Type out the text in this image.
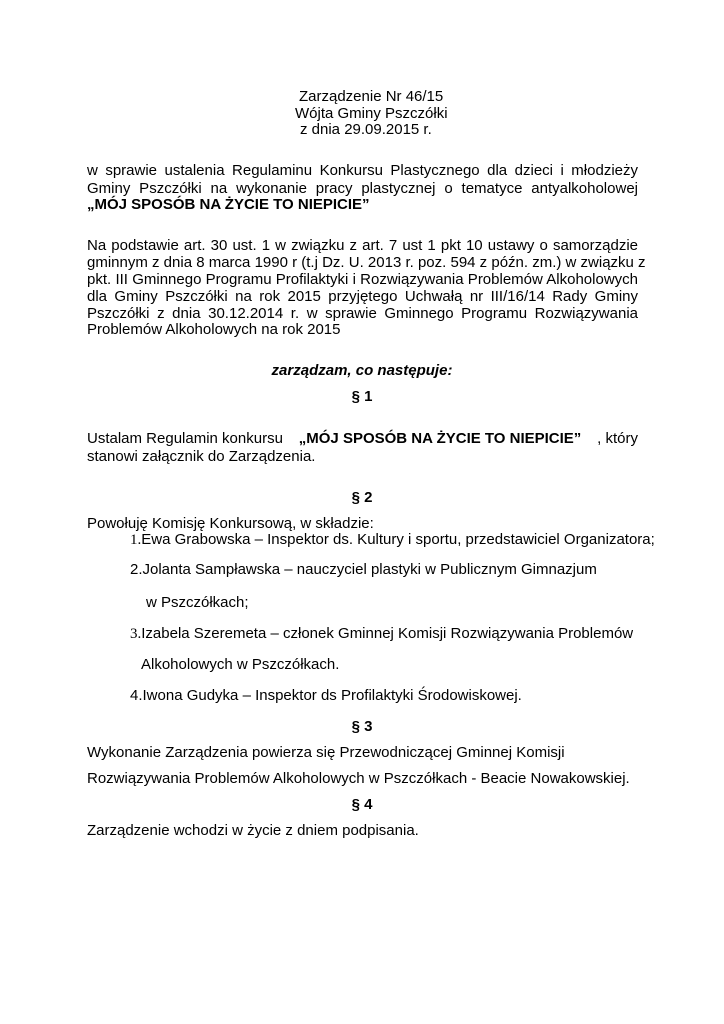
Zarządzenie Nr 46/15
Wójta Gminy Pszczółki
z dnia 29.09.2015 r.
w sprawie ustalenia Regulaminu Konkursu Plastycznego dla dzieci i młodzieży
Gminy Pszczółki na wykonanie pracy plastycznej o tematyce antyalkoholowej
„MÓJ SPOSÓB NA ŻYCIE TO NIEPICIE”
Na podstawie art. 30 ust. 1 w związku z art. 7 ust 1 pkt 10 ustawy o samorządzie
gminnym z dnia 8 marca 1990 r (t.j Dz. U. 2013 r. poz. 594 z późn. zm.) w związku z
pkt. III Gminnego Programu Profilaktyki i Rozwiązywania Problemów Alkoholowych
dla Gminy Pszczółki na rok 2015 przyjętego Uchwałą nr III/16/14 Rady Gminy
Pszczółki z dnia 30.12.2014 r. w sprawie Gminnego Programu Rozwiązywania
Problemów Alkoholowych na rok 2015
zarządzam, co następuje:
§ 1
Ustalam Regulamin konkursu „MÓJ SPOSÓB NA ŻYCIE TO NIEPICIE” , który
stanowi załącznik do Zarządzenia.
§ 2
Powołuję Komisję Konkursową, w składzie:
1.Ewa Grabowska – Inspektor ds. Kultury i sportu, przedstawiciel Organizatora;
2.Jolanta Sampławska – nauczyciel plastyki w Publicznym Gimnazjum
w Pszczółkach;
3.Izabela Szeremeta – członek Gminnej Komisji Rozwiązywania Problemów
Alkoholowych w Pszczółkach.
4.Iwona Gudyka – Inspektor ds Profilaktyki Środowiskowej.
§ 3
Wykonanie Zarządzenia powierza się Przewodniczącej Gminnej Komisji
Rozwiązywania Problemów Alkoholowych w Pszczółkach - Beacie Nowakowskiej.
§ 4
Zarządzenie wchodzi w życie z dniem podpisania.
